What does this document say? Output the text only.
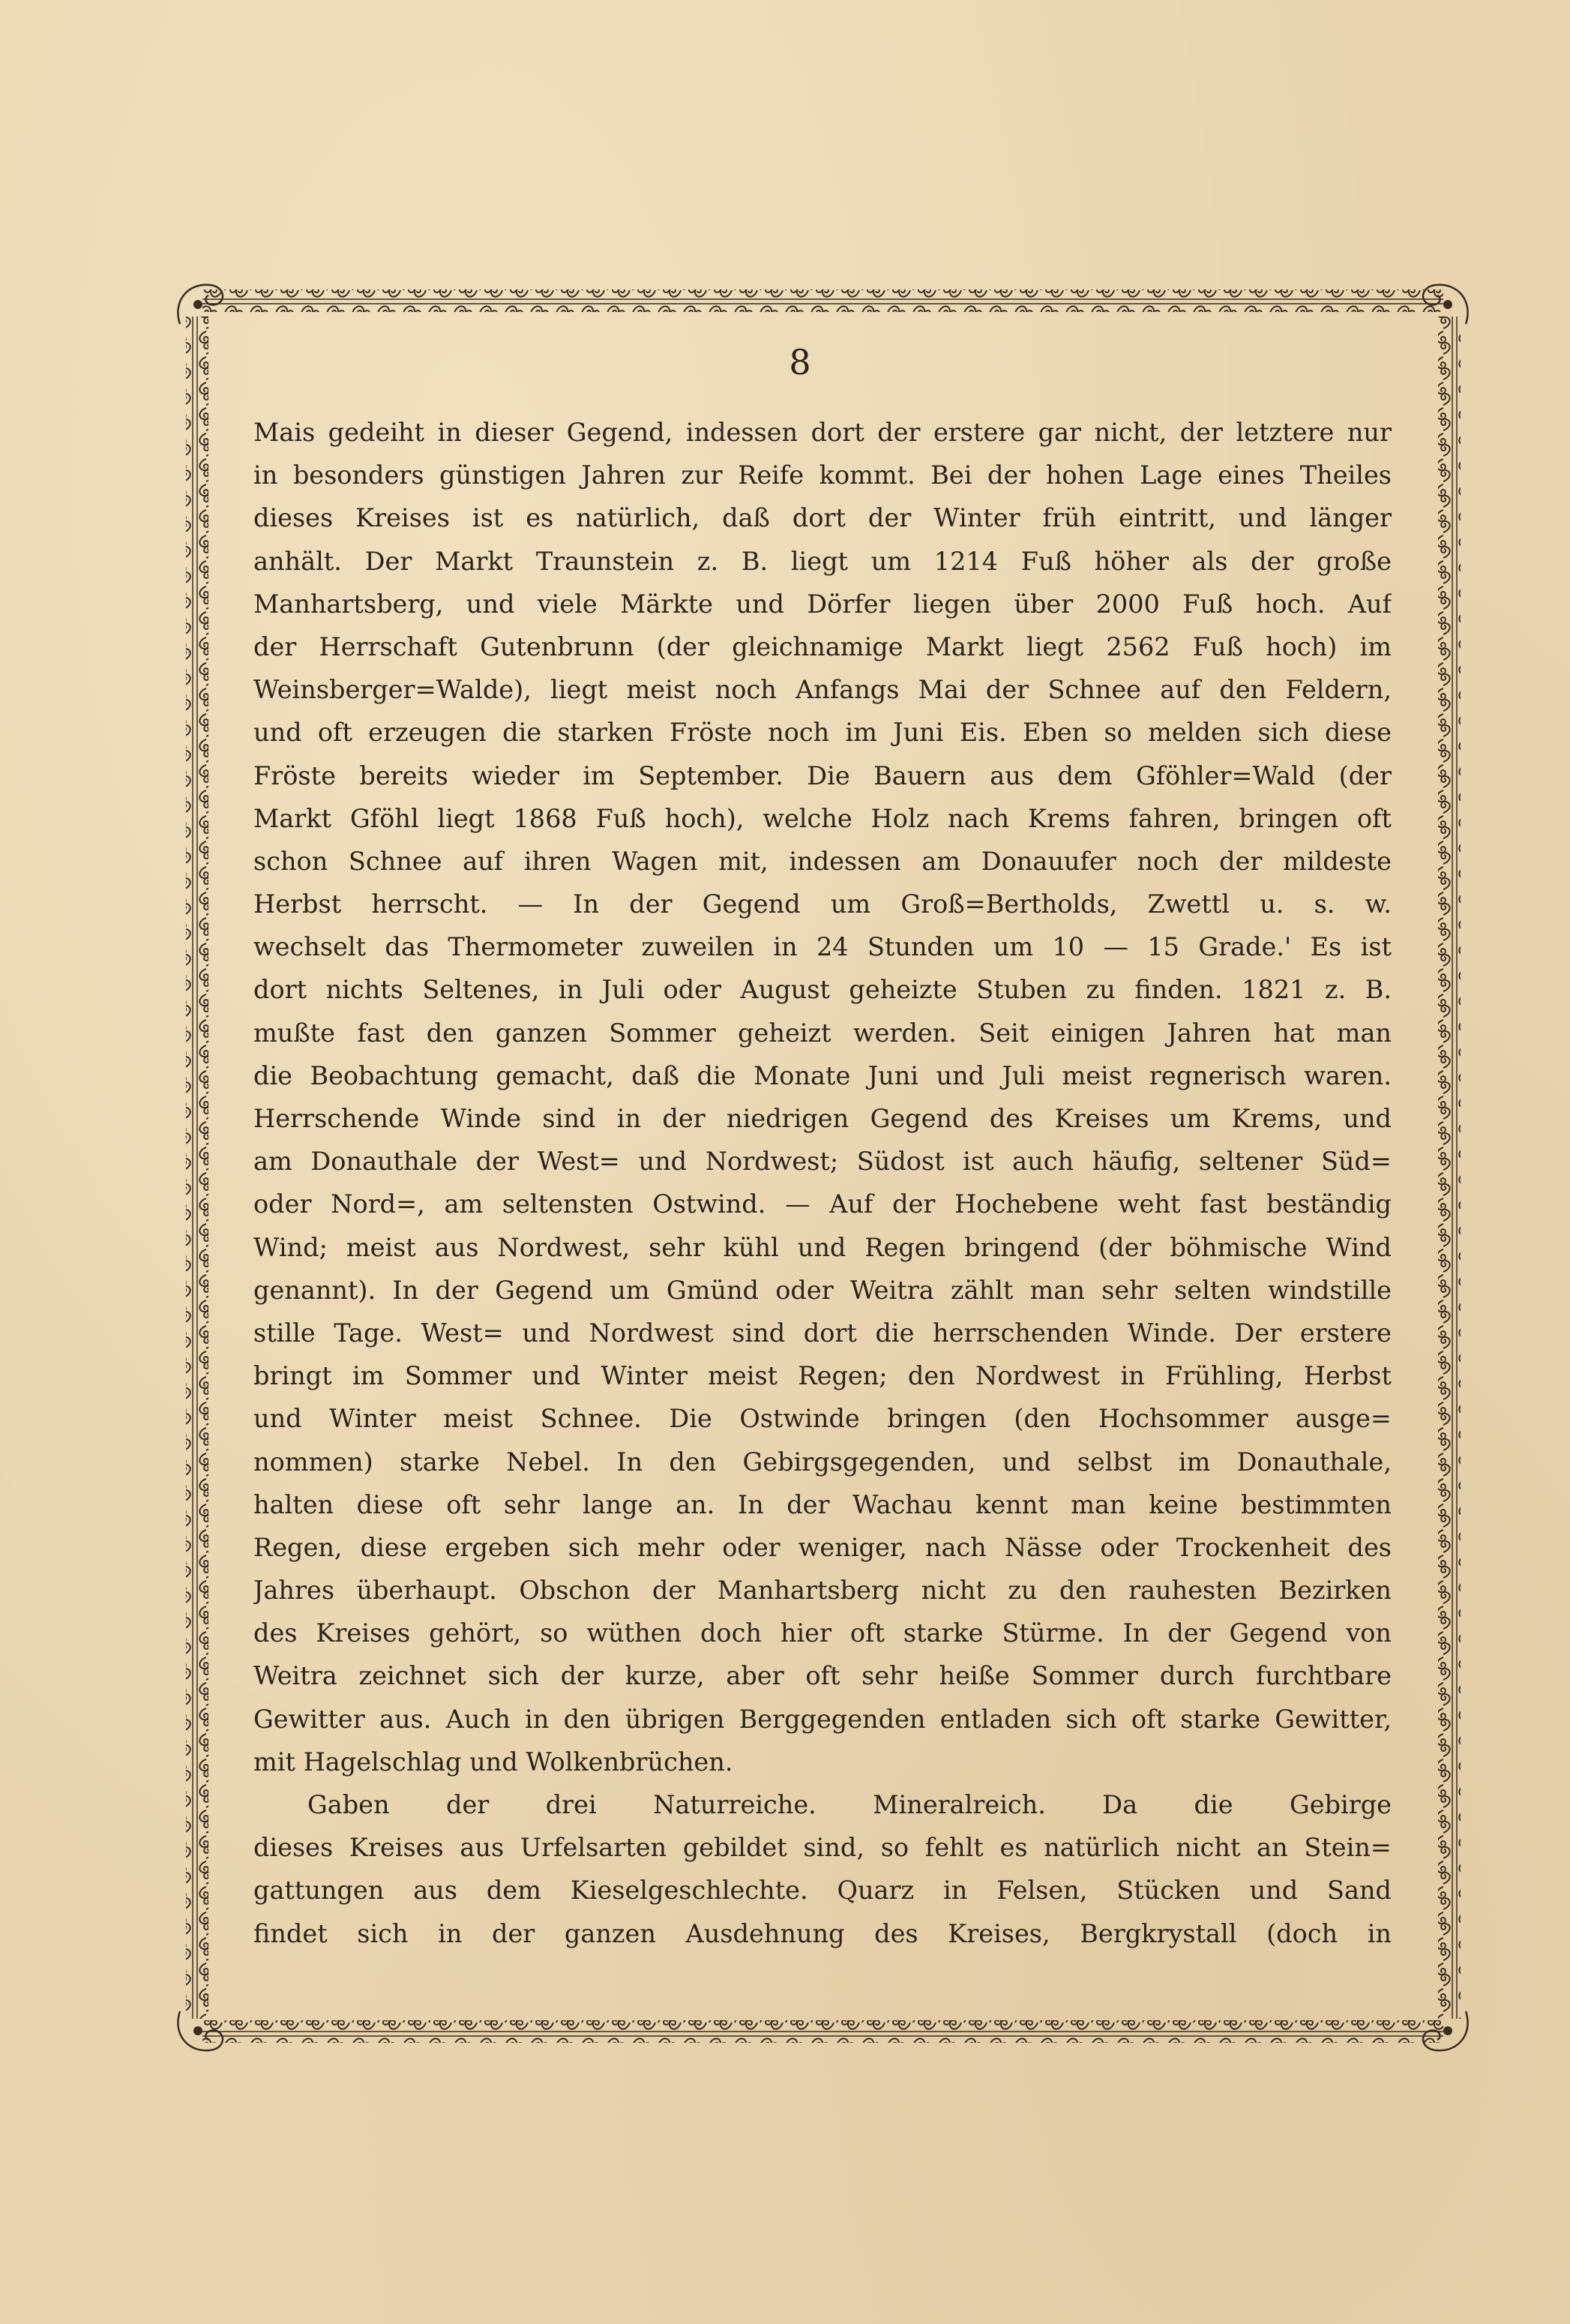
8
Mais gedeiht in dieser Gegend, indessen dort der erstere gar nicht, der letztere nur
in besonders günstigen Jahren zur Reife kommt. Bei der hohen Lage eines Theiles
dieses Kreises ist es natürlich, daß dort der Winter früh eintritt, und länger
anhält. Der Markt Traunstein z. B. liegt um 1214 Fuß höher als der große
Manhartsberg, und viele Märkte und Dörfer liegen über 2000 Fuß hoch. Auf
der Herrschaft Gutenbrunn (der gleichnamige Markt liegt 2562 Fuß hoch) im
Weinsberger=Walde), liegt meist noch Anfangs Mai der Schnee auf den Feldern,
und oft erzeugen die starken Fröste noch im Juni Eis. Eben so melden sich diese
Fröste bereits wieder im September. Die Bauern aus dem Gföhler=Wald (der
Markt Gföhl liegt 1868 Fuß hoch), welche Holz nach Krems fahren, bringen oft
schon Schnee auf ihren Wagen mit, indessen am Donauufer noch der mildeste
Herbst herrscht. — In der Gegend um Groß=Bertholds, Zwettl u. s. w.
wechselt das Thermometer zuweilen in 24 Stunden um 10 — 15 Grade.' Es ist
dort nichts Seltenes, in Juli oder August geheizte Stuben zu finden. 1821 z. B.
mußte fast den ganzen Sommer geheizt werden. Seit einigen Jahren hat man
die Beobachtung gemacht, daß die Monate Juni und Juli meist regnerisch waren.
Herrschende Winde sind in der niedrigen Gegend des Kreises um Krems, und
am Donauthale der West= und Nordwest; Südost ist auch häufig, seltener Süd=
oder Nord=, am seltensten Ostwind. — Auf der Hochebene weht fast beständig
Wind; meist aus Nordwest, sehr kühl und Regen bringend (der böhmische Wind
genannt). In der Gegend um Gmünd oder Weitra zählt man sehr selten windstille
stille Tage. West= und Nordwest sind dort die herrschenden Winde. Der erstere
bringt im Sommer und Winter meist Regen; den Nordwest in Frühling, Herbst
und Winter meist Schnee. Die Ostwinde bringen (den Hochsommer ausge=
nommen) starke Nebel. In den Gebirgsgegenden, und selbst im Donauthale,
halten diese oft sehr lange an. In der Wachau kennt man keine bestimmten
Regen, diese ergeben sich mehr oder weniger, nach Nässe oder Trockenheit des
Jahres überhaupt. Obschon der Manhartsberg nicht zu den rauhesten Bezirken
des Kreises gehört, so wüthen doch hier oft starke Stürme. In der Gegend von
Weitra zeichnet sich der kurze, aber oft sehr heiße Sommer durch furchtbare
Gewitter aus. Auch in den übrigen Berggegenden entladen sich oft starke Gewitter,
mit Hagelschlag und Wolkenbrüchen.
Gaben der drei Naturreiche. Mineralreich. Da die Gebirge
dieses Kreises aus Urfelsarten gebildet sind, so fehlt es natürlich nicht an Stein=
gattungen aus dem Kieselgeschlechte. Quarz in Felsen, Stücken und Sand
findet sich in der ganzen Ausdehnung des Kreises, Bergkrystall (doch in
